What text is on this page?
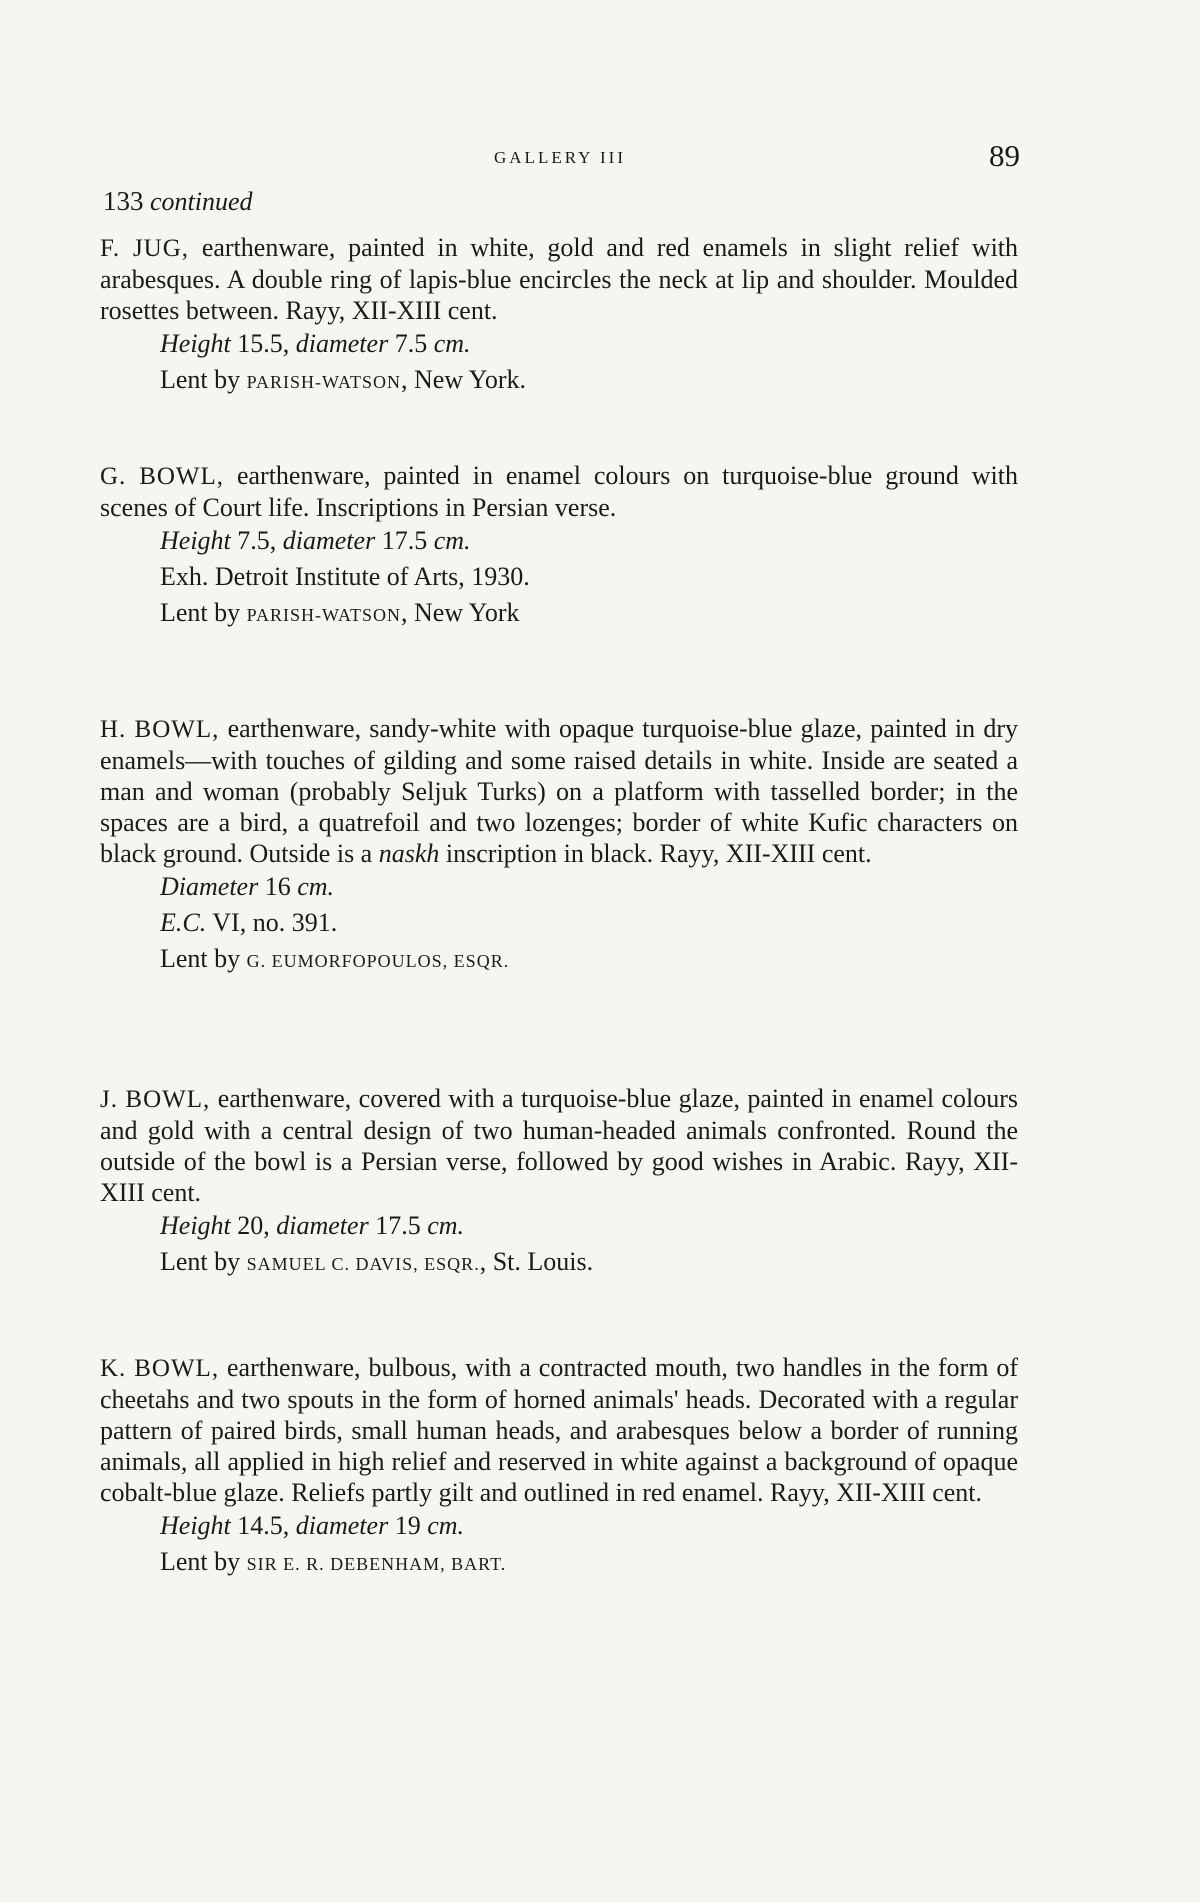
GALLERY III	89
133 continued
F. JUG, earthenware, painted in white, gold and red enamels in slight relief with arabesques. A double ring of lapis-blue encircles the neck at lip and shoulder. Moulded rosettes between. Rayy, XII-XIII cent.
Height 15.5, diameter 7.5 cm.
Lent by PARISH-WATSON, New York.
G. BOWL, earthenware, painted in enamel colours on turquoise-blue ground with scenes of Court life. Inscriptions in Persian verse.
Height 7.5, diameter 17.5 cm.
Exh. Detroit Institute of Arts, 1930.
Lent by PARISH-WATSON, New York
H. BOWL, earthenware, sandy-white with opaque turquoise-blue glaze, painted in dry enamels—with touches of gilding and some raised details in white. Inside are seated a man and woman (probably Seljuk Turks) on a platform with tasselled border; in the spaces are a bird, a quatrefoil and two lozenges; border of white Kufic characters on black ground. Outside is a naskh inscription in black. Rayy, XII-XIII cent.
Diameter 16 cm.
E.C. VI, no. 391.
Lent by G. EUMORFOPOULOS, ESQR.
J. BOWL, earthenware, covered with a turquoise-blue glaze, painted in enamel colours and gold with a central design of two human-headed animals confronted. Round the outside of the bowl is a Persian verse, followed by good wishes in Arabic. Rayy, XII-XIII cent.
Height 20, diameter 17.5 cm.
Lent by SAMUEL C. DAVIS, ESQR., St. Louis.
K. BOWL, earthenware, bulbous, with a contracted mouth, two handles in the form of cheetahs and two spouts in the form of horned animals' heads. Decorated with a regular pattern of paired birds, small human heads, and arabesques below a border of running animals, all applied in high relief and reserved in white against a background of opaque cobalt-blue glaze. Reliefs partly gilt and outlined in red enamel. Rayy, XII-XIII cent.
Height 14.5, diameter 19 cm.
Lent by SIR E. R. DEBENHAM, BART.
